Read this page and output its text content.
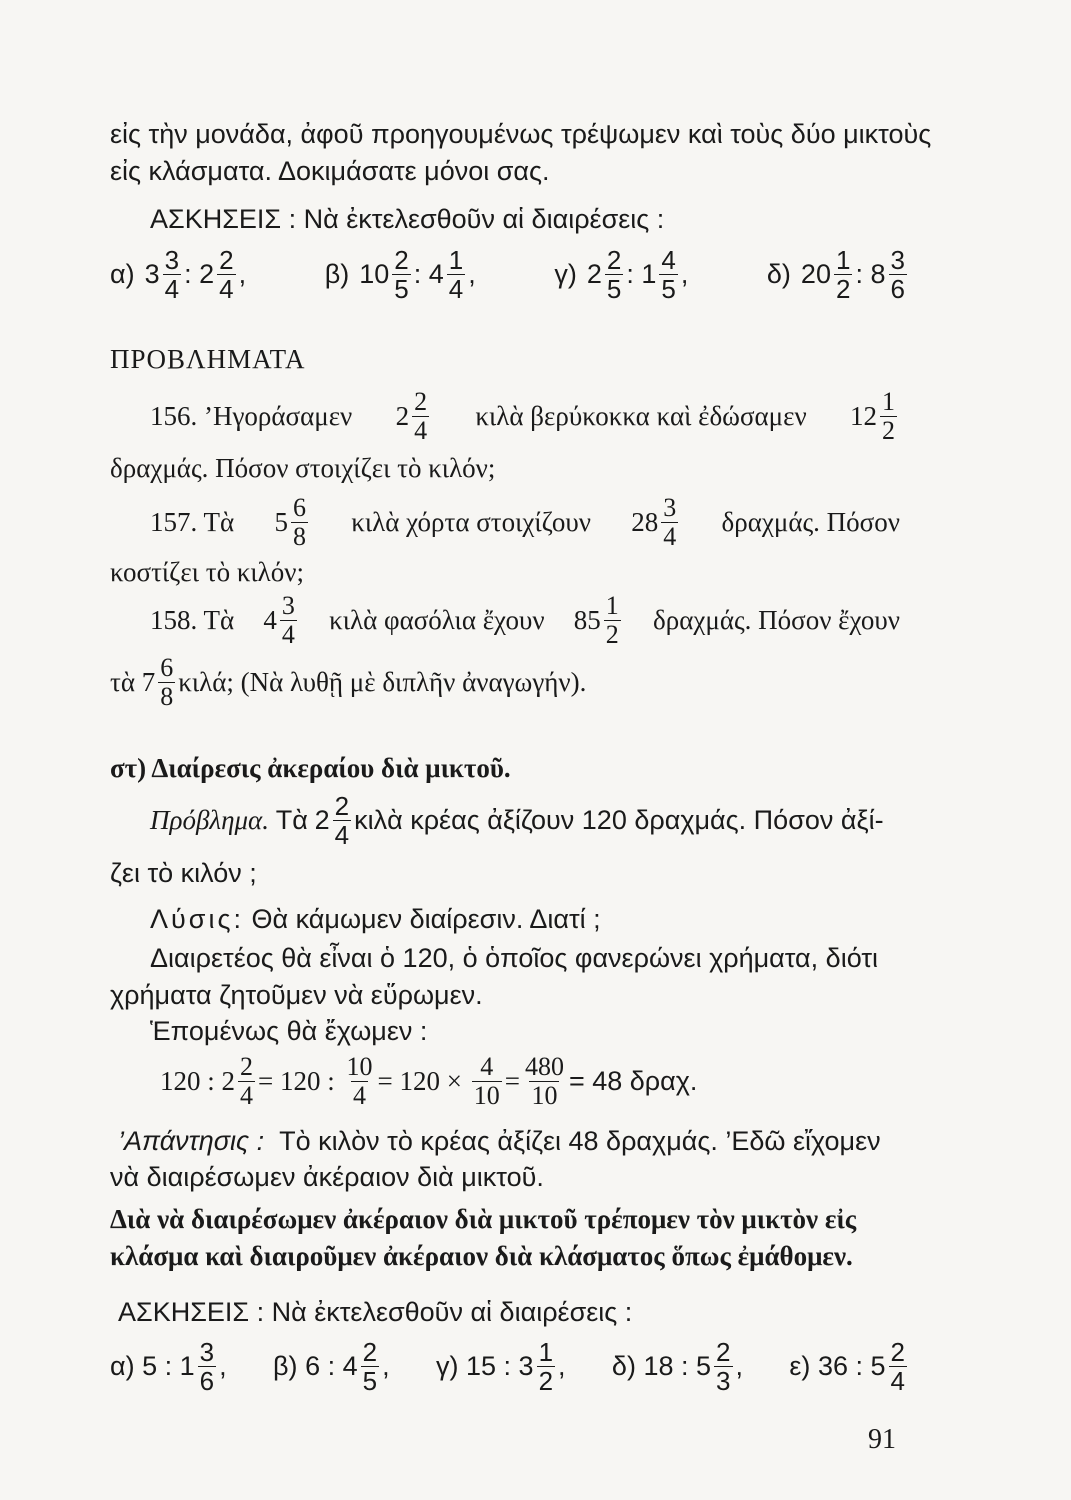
εἰς τὴν μονάδα, ἀφοῦ προηγουμένως τρέψωμεν καὶ τοὺς δύο μικτοὺς
εἰς κλάσματα. Δοκιμάσατε μόνοι σας.
ΑΣΚΗΣΕΙΣ : Νὰ ἐκτελεσθοῦν αἱ διαιρέσεις :
α) $3 \frac{3}{4}$ :
$2 \frac{2}{4}$ ,	β) $10 \frac{2}{5}$ :
$4 \frac{1}{4}$ ,	γ) $2 \frac{2}{5}$ :
$1 \frac{4}{5}$ ,	δ) $20 \frac{1}{2}$ :
$8 \frac{3}{6}$
ΠΡΟΒΛΗΜΑΤΑ
156. ’Ηγοράσαμεν $2 \frac{2}{4}$ κιλὰ βερύκοκκα καὶ ἐδώσαμεν $12 \frac{1}{2}$
δραχμάς. Πόσον στοιχίζει τὸ κιλόν;
157. Τὰ $5 \frac{6}{8}$ κιλὰ χόρτα στοιχίζουν $28 \frac{3}{4} \delta\rho\alpha\chi\mu ά\varsigma$. Πόσον
κοστίζει τὸ κιλόν;
158. Τὰ $4 \frac{3}{4}$ κιλὰ φασόλια ἔχουν $85 \frac{1}{2} \delta\rho\alpha\chi\mu ά\varsigma$. Πόσον ἔχουν
τὰ
$7 \frac{6}{8} \kappa\iota\lambda ά$; (Νὰ λυθῇ μὲ διπλῆν ἀναγωγήν).
στ) Διαίρεσις ἀκεραίου διὰ μικτοῦ.
Πρόβλημα.
Τὰ
$2 \frac{2}{4}$ κιλὰ κρέας ἀξίζουν 120 δραχμάς. Πόσον ἀξί-
ζει τὸ κιλόν ;
Λύσις: Θὰ κάμωμεν διαίρεσιν. Διατί ;
Διαιρετέος θὰ εἶναι ὁ 120, ὁ ὁποῖος φανερώνει χρήματα, διότι
χρήματα ζητοῦμεν νὰ εὕρωμεν.
Ἑπομένως θὰ ἔχωμεν :
120 : $2 \frac{2}{4} = 120$ :
$\frac{10}{4} = 120$ ×
$\frac{4}{10} = \frac{480}{10} = 48$ δραχ.
’Απάντησις : Τὸ κιλὸν τὸ κρέας ἀξίζει 48 δραχμάς. ’Εδῶ εἴχομεν
νὰ διαιρέσωμεν ἀκέραιον διὰ μικτοῦ.
Διὰ νὰ διαιρέσωμεν ἀκέραιον διὰ μικτοῦ τρέπομεν τὸν μικτὸν εἰς
κλάσμα καὶ διαιροῦμεν ἀκέραιον διὰ κλάσματος ὅπως ἐμάθομεν.
ΑΣΚΗΣΕΙΣ : Νὰ ἐκτελεσθοῦν αἱ διαιρέσεις :
α)
5 : $1 \frac{3}{6}$ , β)
6 : $4 \frac{2}{5}$ , γ)
15 : $3 \frac{1}{2}$ , δ)
18 : $5 \frac{2}{3}$ , ε)
36 : $5 \frac{2}{4}$
91
